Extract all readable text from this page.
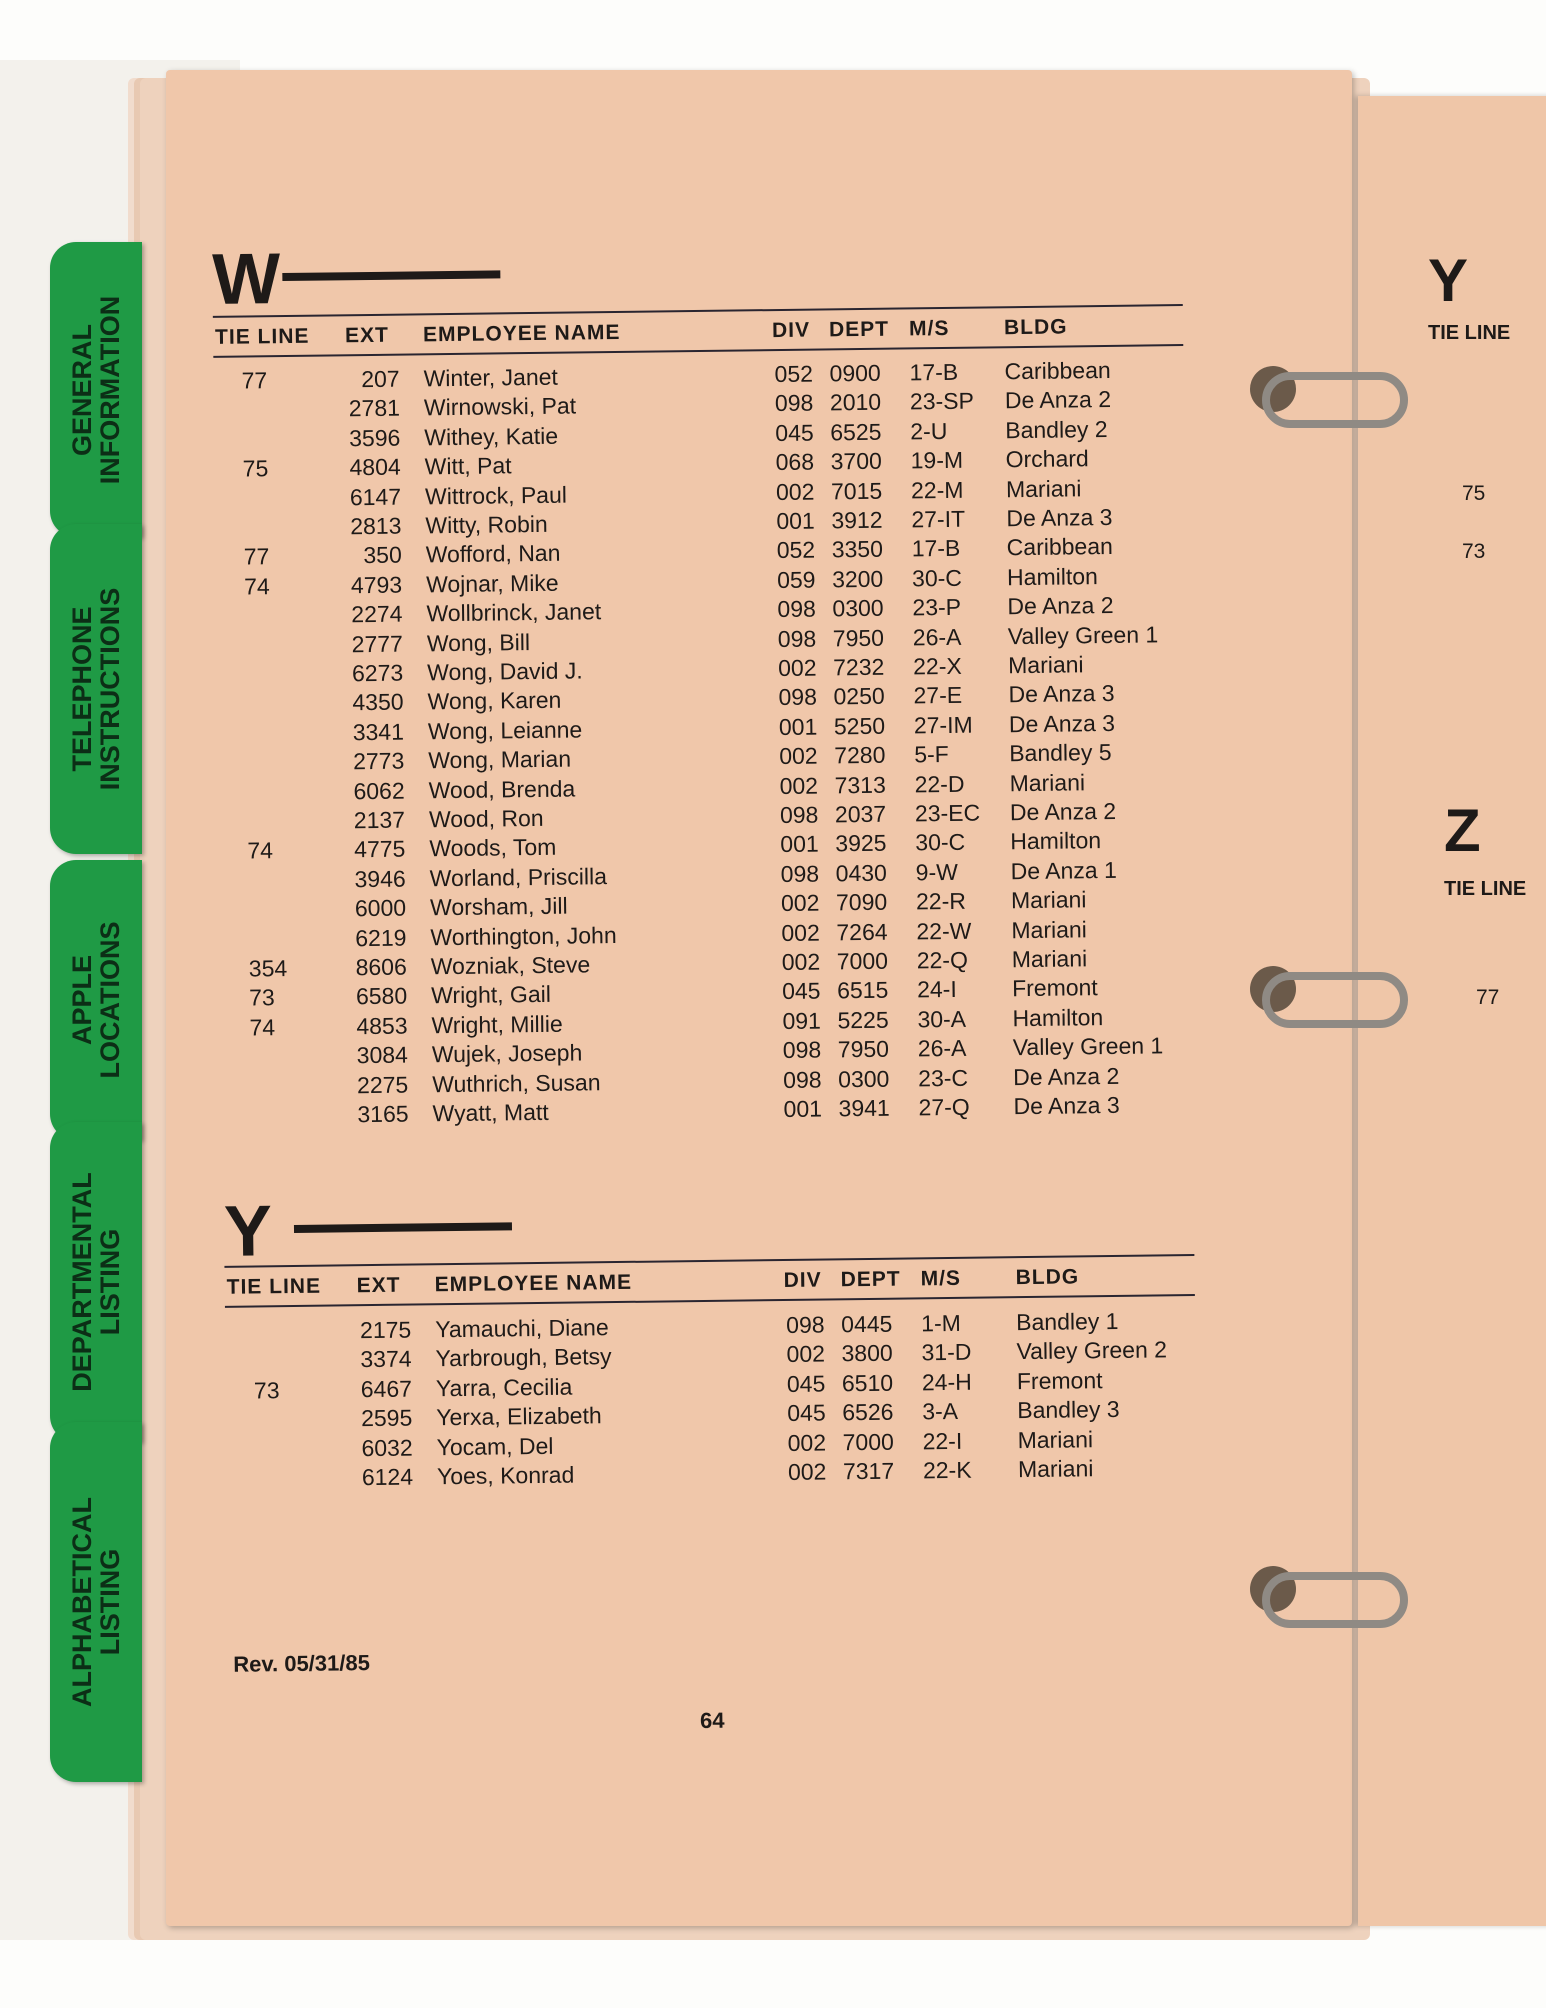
GENERAL
INFORMATION
TELEPHONE
INSTRUCTIONS
APPLE
LOCATIONS
DEPARTMENTAL
LISTING
ALPHABETICAL
LISTING
Y
TIE LINE
75
73
Z
TIE LINE
77
Rev. 05/31/85
64
W
TIE LINE EXT EMPLOYEE NAME	DIV DEPT M/S	BLDG
77	207 Winter, Janet	052 0900 17-B Caribbean
2781 Wirnowski, Pat	098 2010 23-SP De Anza 2
3596 Withey, Katie	045 6525 2-U	Bandley 2
75	4804 Witt, Pat	068 3700 19-M Orchard
6147 Wittrock, Paul	002 7015 22-M Mariani
2813 Witty, Robin	001 3912 27-IT De Anza 3
77	350 Wofford, Nan	052 3350 17-B Caribbean
74	4793 Wojnar, Mike	059 3200 30-C Hamilton
2274 Wollbrinck, Janet	098 0300 23-P De Anza 2
2777 Wong, Bill	098 7950 26-A Valley Green 1
6273 Wong, David J.	002 7232 22-X Mariani
4350 Wong, Karen	098 0250 27-E De Anza 3
3341 Wong, Leianne	001 5250 27-IM De Anza 3
2773 Wong, Marian	002 7280 5-F	Bandley 5
6062 Wood, Brenda	002 7313 22-D Mariani
2137 Wood, Ron	098 2037 23-EC De Anza 2
74	4775 Woods, Tom	001 3925 30-C Hamilton
3946 Worland, Priscilla	098 0430 9-W De Anza 1
6000 Worsham, Jill	002 7090 22-R Mariani
6219 Worthington, John	002 7264 22-W Mariani
354	8606 Wozniak, Steve	002 7000 22-Q Mariani
73	6580 Wright, Gail	045 6515 24-I Fremont
74	4853 Wright, Millie	091 5225 30-A Hamilton
3084 Wujek, Joseph	098 7950 26-A Valley Green 1
2275 Wuthrich, Susan	098 0300 23-C De Anza 2
3165 Wyatt, Matt	001 3941 27-Q De Anza 3
Y
TIE LINE EXT EMPLOYEE NAME	DIV DEPT M/S	BLDG
2175 Yamauchi, Diane	098 0445 1-M Bandley 1
3374 Yarbrough, Betsy	002 3800 31-D Valley Green 2
73	6467 Yarra, Cecilia	045 6510 24-H Fremont
2595 Yerxa, Elizabeth	045 6526 3-A	Bandley 3
6032 Yocam, Del	002 7000 22-I Mariani
6124 Yoes, Konrad	002 7317 22-K Mariani
